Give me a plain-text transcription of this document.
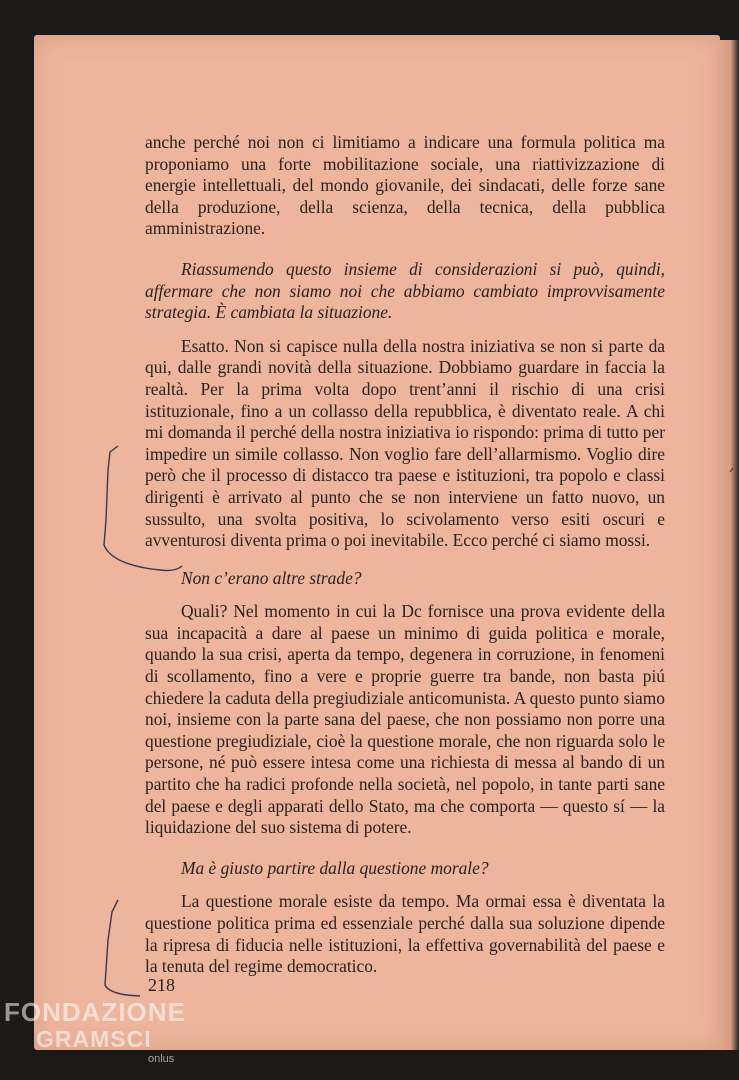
anche perché noi non ci limitiamo a indicare una formula politica ma proponiamo una forte mobilitazione sociale, una riattivizzazione di energie intellettuali, del mondo giovanile, dei sindacati, delle forze sane della produzione, della scienza, della tecnica, della pubblica amministrazione.

Riassumendo questo insieme di considerazioni si può, quindi, affermare che non siamo noi che abbiamo cambiato improvvisamente strategia. È cambiata la situazione.

Esatto. Non si capisce nulla della nostra iniziativa se non si parte da qui, dalle grandi novità della situazione. Dobbiamo guardare in faccia la realtà. Per la prima volta dopo trent’anni il rischio di una crisi istituzionale, fino a un collasso della repubblica, è diventato reale. A chi mi domanda il perché della nostra iniziativa io rispondo: prima di tutto per impedire un simile collasso. Non voglio fare dell’allarmismo. Voglio dire però che il processo di distacco tra paese e istituzioni, tra popolo e classi dirigenti è arrivato al punto che se non interviene un fatto nuovo, un sussulto, una svolta positiva, lo scivolamento verso esiti oscuri e avventurosi diventa prima o poi inevitabile. Ecco perché ci siamo mossi.

Non c’erano altre strade?

Quali? Nel momento in cui la Dc fornisce una prova evidente della sua incapacità a dare al paese un minimo di guida politica e morale, quando la sua crisi, aperta da tempo, degenera in corruzione, in fenomeni di scollamento, fino a vere e proprie guerre tra bande, non basta piú chiedere la caduta della pregiudiziale anticomunista. A questo punto siamo noi, insieme con la parte sana del paese, che non possiamo non porre una questione pregiudiziale, cioè la questione morale, che non riguarda solo le persone, né può essere intesa come una richiesta di messa al bando di un partito che ha radici profonde nella società, nel popolo, in tante parti sane del paese e degli apparati dello Stato, ma che comporta — questo sí — la liquidazione del suo sistema di potere.

Ma è giusto partire dalla questione morale?

La questione morale esiste da tempo. Ma ormai essa è diventata la questione politica prima ed essenziale perché dalla sua soluzione dipende la ripresa di fiducia nelle istituzioni, la effettiva governabilità del paese e la tenuta del regime democratico.

218
FONDAZIONE
GRAMSCI
onlus
